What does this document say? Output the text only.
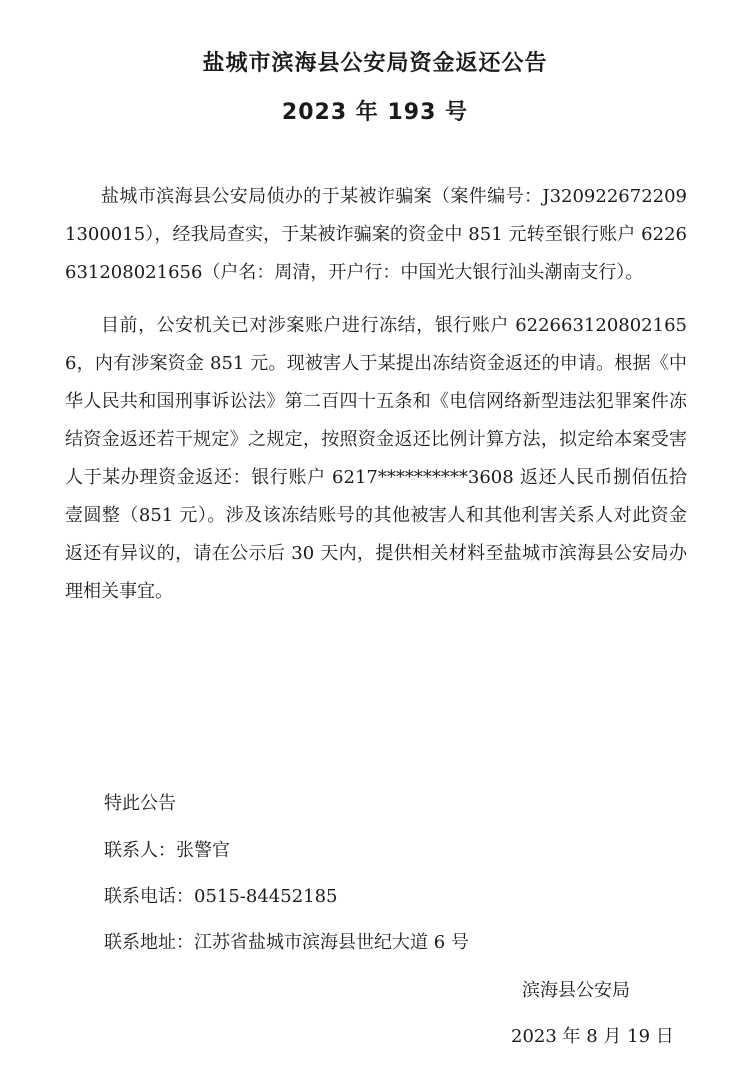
盐城市滨海县公安局资金返还公告
2023 年 193 号

盐城市滨海县公安局侦办的于某被诈骗案（案件编号：J3209226722091300015），经我局查实，于某被诈骗案的资金中 851 元转至银行账户 6226631208021656（户名：周清，开户行：中国光大银行汕头潮南支行）。

目前，公安机关已对涉案账户进行冻结，银行账户 6226631208021656，内有涉案资金 851 元。现被害人于某提出冻结资金返还的申请。根据《中华人民共和国刑事诉讼法》第二百四十五条和《电信网络新型违法犯罪案件冻结资金返还若干规定》之规定，按照资金返还比例计算方法，拟定给本案受害人于某办理资金返还：银行账户 6217**********3608 返还人民币捌佰伍拾壹圆整（851 元）。涉及该冻结账号的其他被害人和其他利害关系人对此资金返还有异议的，请在公示后 30 天内，提供相关材料至盐城市滨海县公安局办理相关事宜。

特此公告
联系人：张警官
联系电话：0515-84452185
联系地址：江苏省盐城市滨海县世纪大道 6 号
滨海县公安局
2023 年 8 月 19 日
